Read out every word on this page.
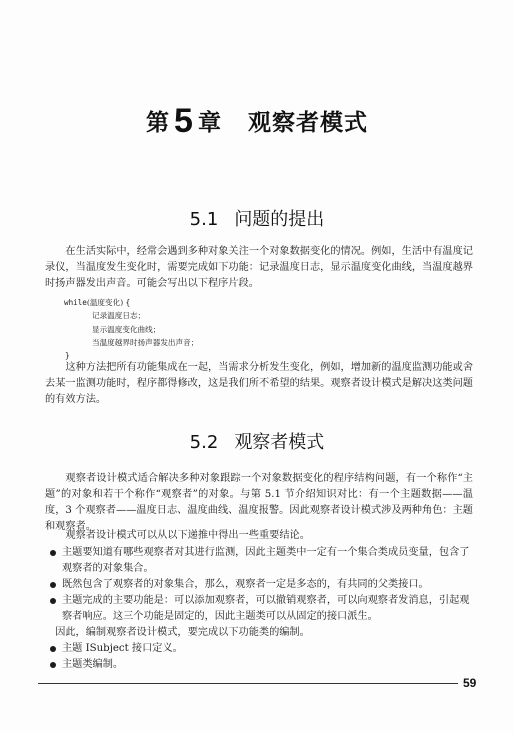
第 5 章 观察者模式
5.1 问题的提出

在生活实际中，经常会遇到多种对象关注一个对象数据变化的情况。例如，生活中有温度记录仪，当温度发生变化时，需要完成如下功能：记录温度日志，显示温度变化曲线，当温度越界时扬声器发出声音。可能会写出以下程序片段。

while(温度变化) {
记录温度日志；
显示温度变化曲线；
当温度越界时扬声器发出声音；
}

这种方法把所有功能集成在一起，当需求分析发生变化，例如，增加新的温度监测功能或舍去某一监测功能时，程序都得修改，这是我们所不希望的结果。观察者设计模式是解决这类问题的有效方法。

5.2 观察者模式

观察者设计模式适合解决多种对象跟踪一个对象数据变化的程序结构问题，有一个称作“主题”的对象和若干个称作“观察者”的对象。与第 5.1 节介绍知识对比：有一个主题数据——温度，3 个观察者——温度日志、温度曲线、温度报警。因此观察者设计模式涉及两种角色：主题和观察者。

观察者设计模式可以从以下递推中得出一些重要结论。

主题要知道有哪些观察者对其进行监测，因此主题类中一定有一个集合类成员变量，包含了观察者的对象集合。
既然包含了观察者的对象集合，那么，观察者一定是多态的，有共同的父类接口。
主题完成的主要功能是：可以添加观察者，可以撤销观察者，可以向观察者发消息，引起观察者响应。这三个功能是固定的，因此主题类可以从固定的接口派生。

因此，编制观察者设计模式，要完成以下功能类的编制。

主题 ISubject 接口定义。
主题类编制。
59
